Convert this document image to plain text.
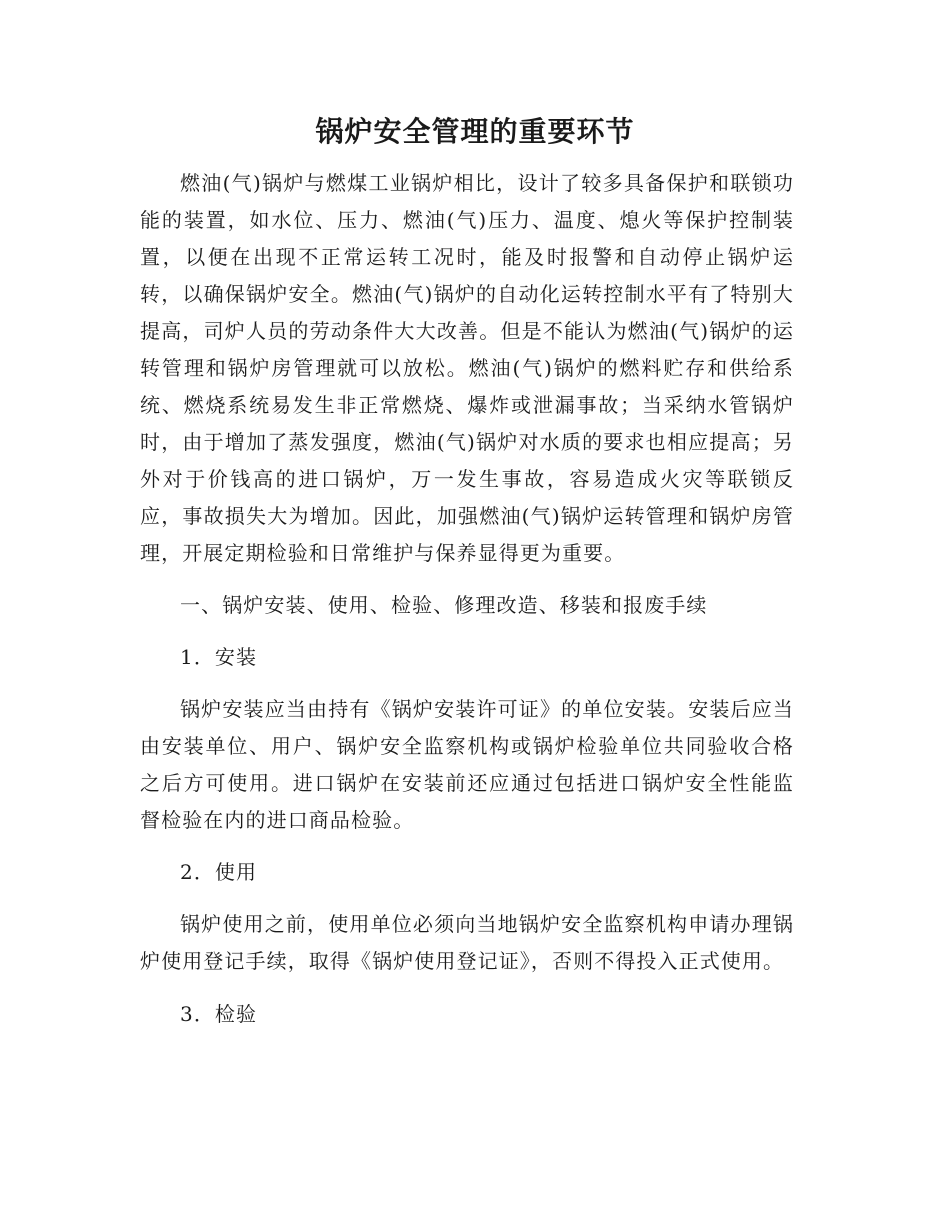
锅炉安全管理的重要环节

燃油(气)锅炉与燃煤工业锅炉相比，设计了较多具备保护和联锁功能的装置，如水位、压力、燃油(气)压力、温度、熄火等保护控制装置，以便在出现不正常运转工况时，能及时报警和自动停止锅炉运转，以确保锅炉安全。燃油(气)锅炉的自动化运转控制水平有了特别大提高，司炉人员的劳动条件大大改善。但是不能认为燃油(气)锅炉的运转管理和锅炉房管理就可以放松。燃油(气)锅炉的燃料贮存和供给系统、燃烧系统易发生非正常燃烧、爆炸或泄漏事故；当采纳水管锅炉时，由于增加了蒸发强度，燃油(气)锅炉对水质的要求也相应提高；另外对于价钱高的进口锅炉，万一发生事故，容易造成火灾等联锁反应，事故损失大为增加。因此，加强燃油(气)锅炉运转管理和锅炉房管理，开展定期检验和日常维护与保养显得更为重要。

一、锅炉安装、使用、检验、修理改造、移装和报废手续

1．安装

锅炉安装应当由持有《锅炉安装许可证》的单位安装。安装后应当由安装单位、用户、锅炉安全监察机构或锅炉检验单位共同验收合格之后方可使用。进口锅炉在安装前还应通过包括进口锅炉安全性能监督检验在内的进口商品检验。

2．使用

锅炉使用之前，使用单位必须向当地锅炉安全监察机构申请办理锅炉使用登记手续，取得《锅炉使用登记证》，否则不得投入正式使用。

3．检验
